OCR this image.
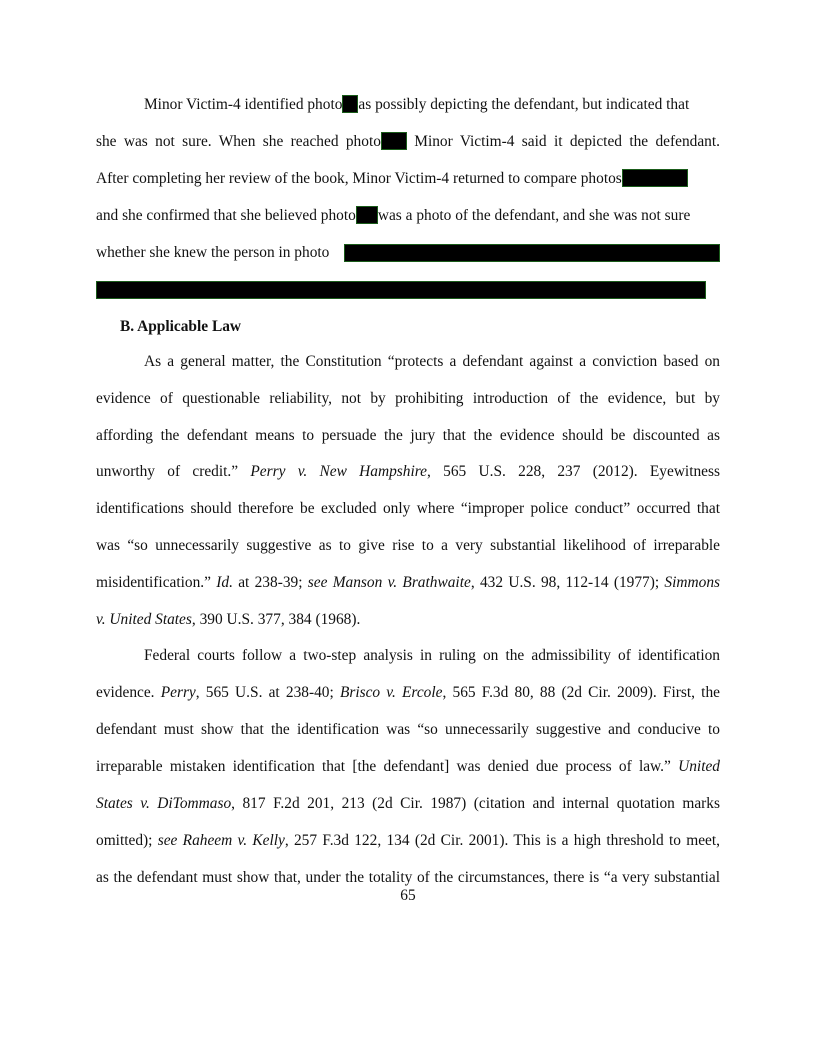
Minor Victim-4 identified photo as possibly depicting the defendant, but indicated that
she was not sure. When she reached photo Minor Victim-4 said it depicted the defendant.
After completing her review of the book, Minor Victim-4 returned to compare photos
and she confirmed that she believed photo was a photo of the defendant, and she was not sure
whether she knew the person in photo
B. Applicable Law
As a general matter, the Constitution “protects a defendant against a conviction based on
evidence of questionable reliability, not by prohibiting introduction of the evidence, but by
affording the defendant means to persuade the jury that the evidence should be discounted as
unworthy of credit.” Perry v. New Hampshire, 565 U.S. 228, 237 (2012). Eyewitness
identifications should therefore be excluded only where “improper police conduct” occurred that
was “so unnecessarily suggestive as to give rise to a very substantial likelihood of irreparable
misidentification.” Id. at 238-39; see Manson v. Brathwaite, 432 U.S. 98, 112-14 (1977); Simmons
v. United States, 390 U.S. 377, 384 (1968).
Federal courts follow a two-step analysis in ruling on the admissibility of identification
evidence. Perry, 565 U.S. at 238-40; Brisco v. Ercole, 565 F.3d 80, 88 (2d Cir. 2009). First, the
defendant must show that the identification was “so unnecessarily suggestive and conducive to
irreparable mistaken identification that [the defendant] was denied due process of law.” United
States v. DiTommaso, 817 F.2d 201, 213 (2d Cir. 1987) (citation and internal quotation marks
omitted); see Raheem v. Kelly, 257 F.3d 122, 134 (2d Cir. 2001). This is a high threshold to meet,
as the defendant must show that, under the totality of the circumstances, there is “a very substantial
65
